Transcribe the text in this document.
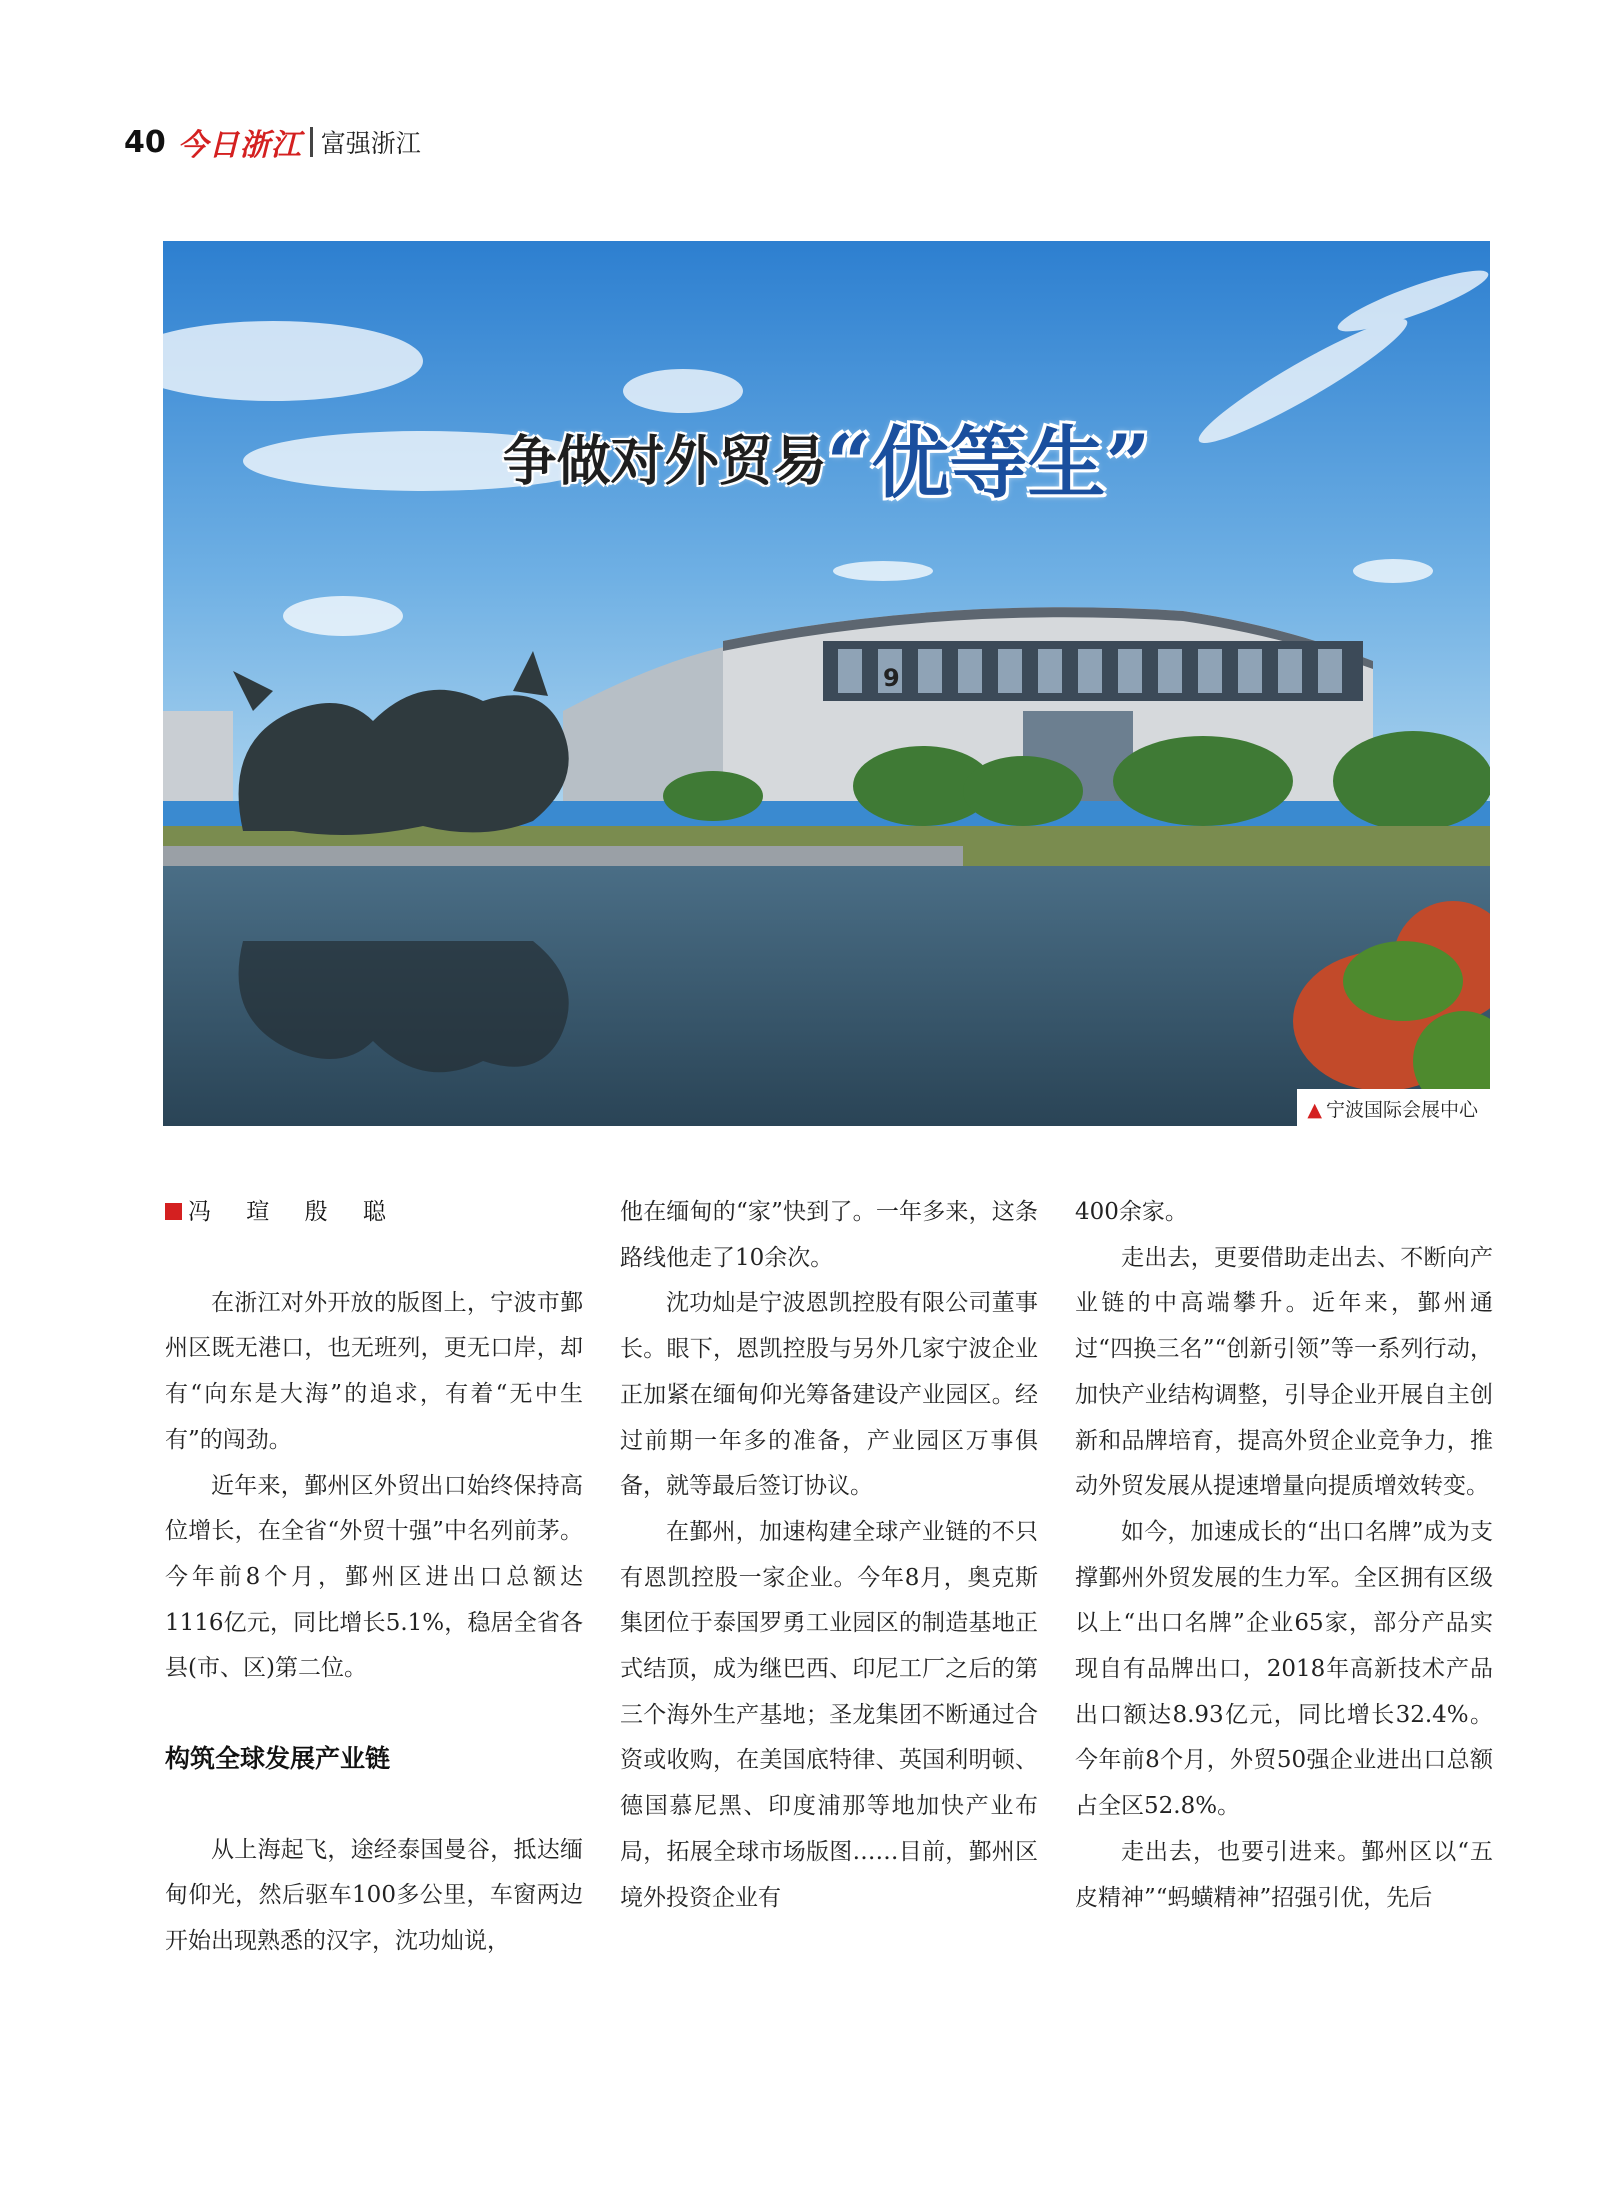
40 今日浙江 富强浙江
9
争做对外贸易“优等生”
▲ 宁波国际会展中心
冯 瑄 殷 聪

在浙江对外开放的版图上，宁波市鄞州区既无港口，也无班列，更无口岸，却有“向东是大海”的追求，有着“无中生有”的闯劲。

近年来，鄞州区外贸出口始终保持高位增长，在全省“外贸十强”中名列前茅。今年前8个月，鄞州区进出口总额达1116亿元，同比增长5.1%，稳居全省各县(市、区)第二位。

构筑全球发展产业链

从上海起飞，途经泰国曼谷，抵达缅甸仰光，然后驱车100多公里，车窗两边开始出现熟悉的汉字，沈功灿说，

他在缅甸的“家”快到了。一年多来，这条路线他走了10余次。

沈功灿是宁波恩凯控股有限公司董事长。眼下，恩凯控股与另外几家宁波企业正加紧在缅甸仰光筹备建设产业园区。经过前期一年多的准备，产业园区万事俱备，就等最后签订协议。

在鄞州，加速构建全球产业链的不只有恩凯控股一家企业。今年8月，奥克斯集团位于泰国罗勇工业园区的制造基地正式结顶，成为继巴西、印尼工厂之后的第三个海外生产基地；圣龙集团不断通过合资或收购，在美国底特律、英国利明顿、德国慕尼黑、印度浦那等地加快产业布局，拓展全球市场版图……目前，鄞州区境外投资企业有

400余家。

走出去，更要借助走出去、不断向产业链的中高端攀升。近年来，鄞州通过“四换三名”“创新引领”等一系列行动，加快产业结构调整，引导企业开展自主创新和品牌培育，提高外贸企业竞争力，推动外贸发展从提速增量向提质增效转变。

如今，加速成长的“出口名牌”成为支撑鄞州外贸发展的生力军。全区拥有区级以上“出口名牌”企业65家，部分产品实现自有品牌出口，2018年高新技术产品出口额达8.93亿元，同比增长32.4%。今年前8个月，外贸50强企业进出口总额占全区52.8%。

走出去，也要引进来。鄞州区以“五皮精神”“蚂蟥精神”招强引优，先后
